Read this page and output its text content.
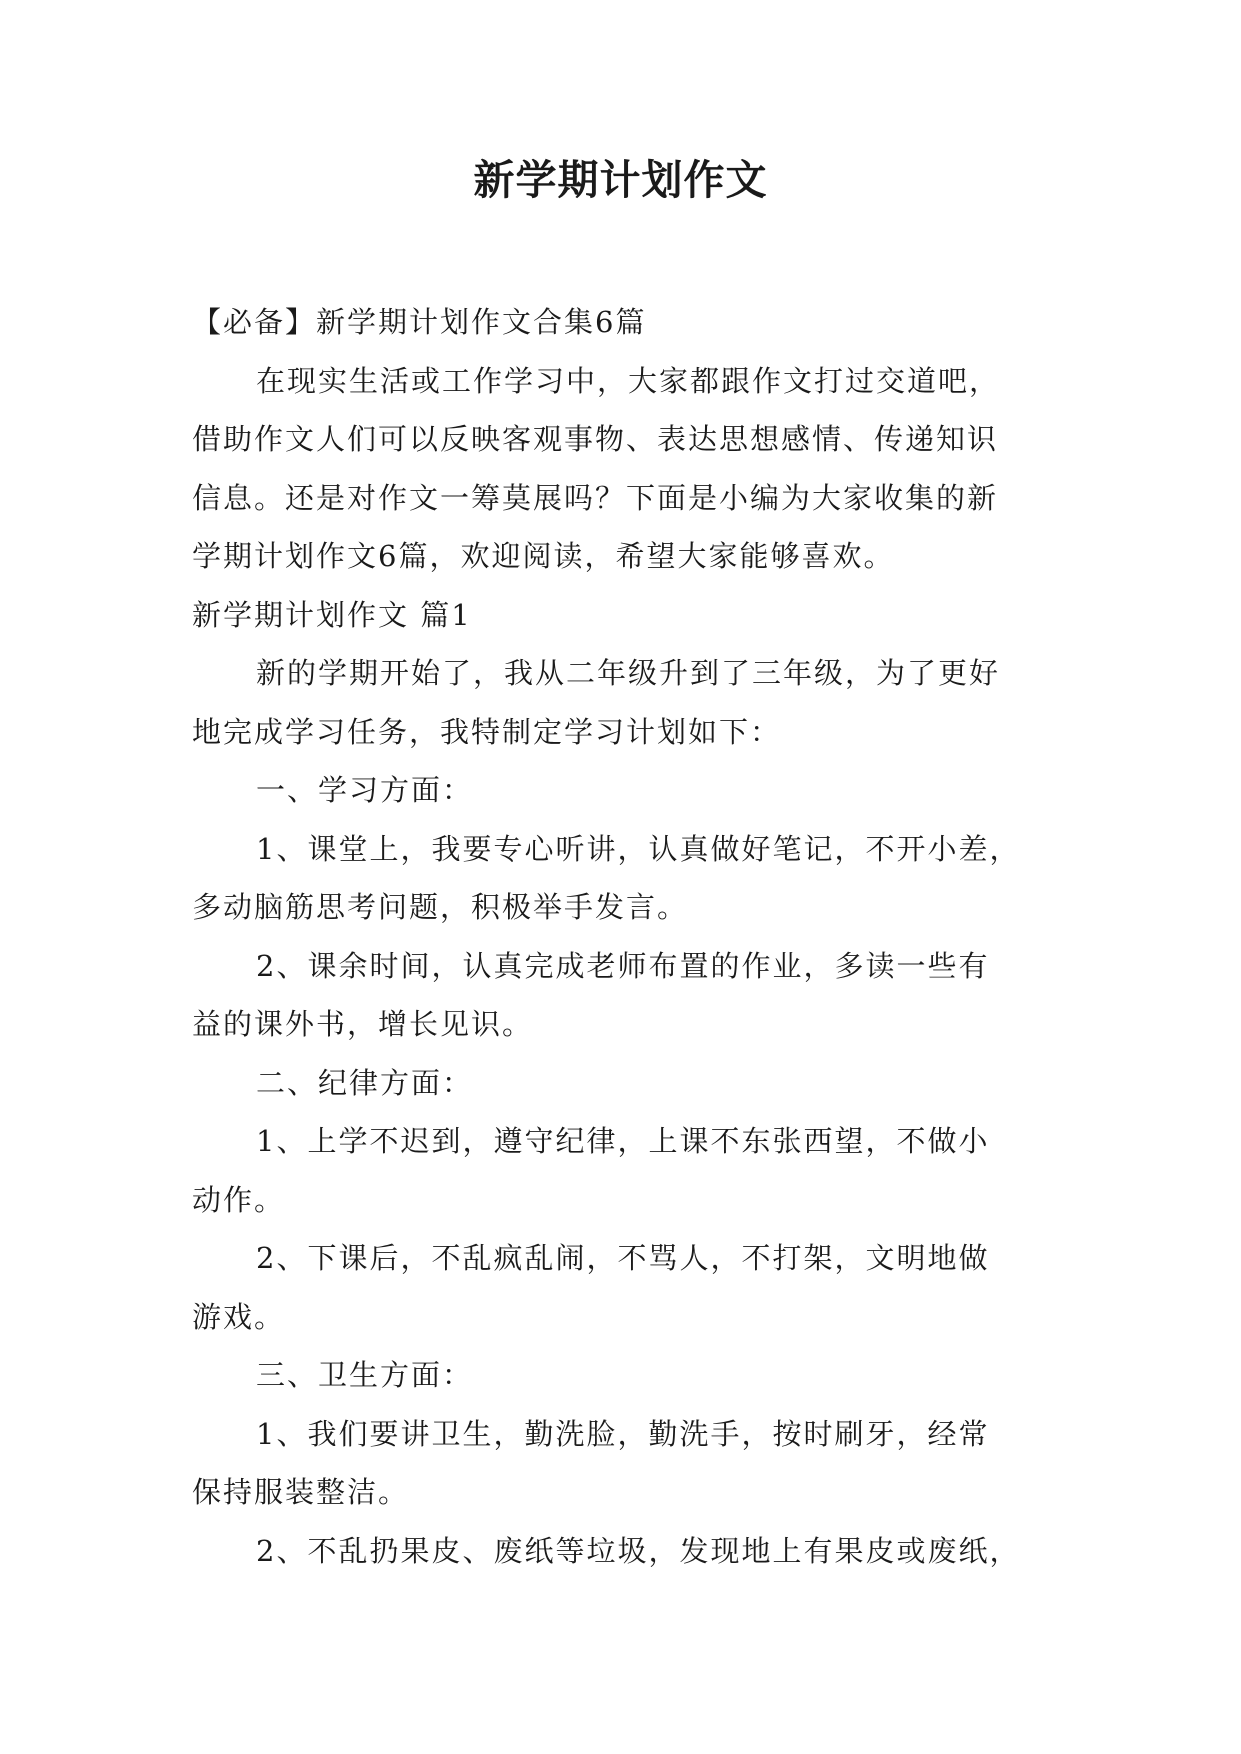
新学期计划作文
【必备】新学期计划作文合集6篇
在现实生活或工作学习中，大家都跟作文打过交道吧，
借助作文人们可以反映客观事物、表达思想感情、传递知识
信息。还是对作文一筹莫展吗？下面是小编为大家收集的新
学期计划作文6篇，欢迎阅读，希望大家能够喜欢。
新学期计划作文 篇1
新的学期开始了，我从二年级升到了三年级，为了更好
地完成学习任务，我特制定学习计划如下：
一、学习方面：
1、课堂上，我要专心听讲，认真做好笔记，不开小差，
多动脑筋思考问题，积极举手发言。
2、课余时间，认真完成老师布置的作业，多读一些有
益的课外书，增长见识。
二、纪律方面：
1、上学不迟到，遵守纪律，上课不东张西望，不做小
动作。
2、下课后，不乱疯乱闹，不骂人，不打架，文明地做
游戏。
三、卫生方面：
1、我们要讲卫生，勤洗脸，勤洗手，按时刷牙，经常
保持服装整洁。
2、不乱扔果皮、废纸等垃圾，发现地上有果皮或废纸，
